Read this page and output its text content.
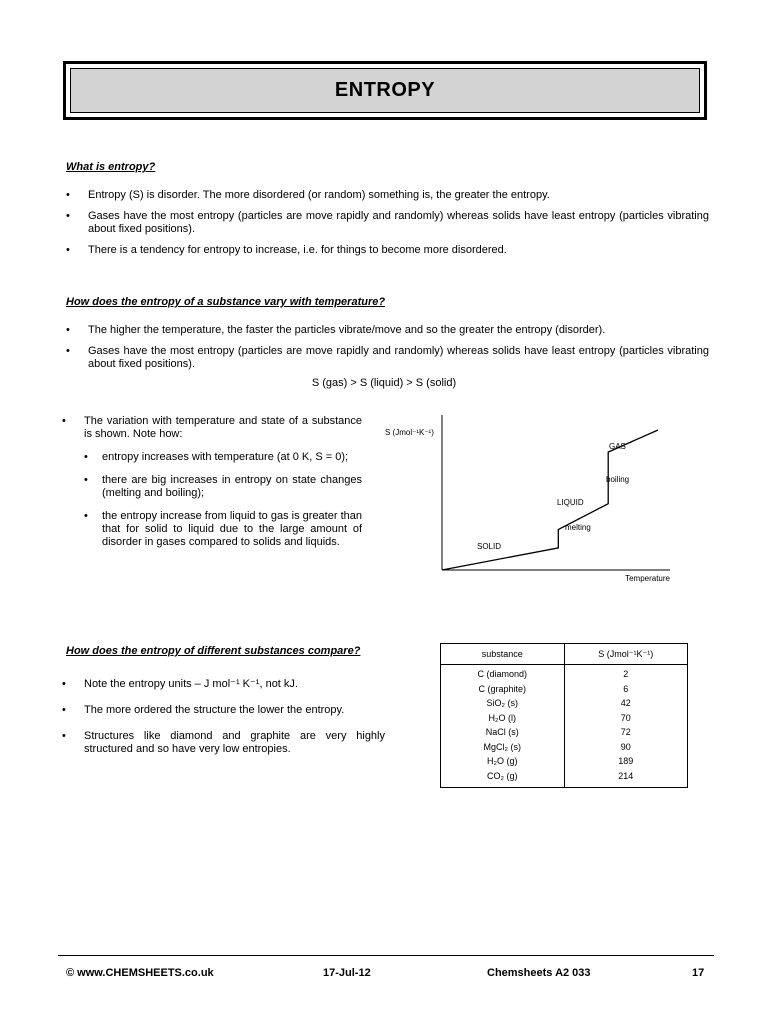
ENTROPY

What is entropy?

• Entropy (S) is disorder. The more disordered (or random) something is, the greater the entropy.
• Gases have the most entropy (particles are move rapidly and randomly) whereas solids have least entropy (particles vibrating about fixed positions).
• There is a tendency for entropy to increase, i.e. for things to become more disordered.

How does the entropy of a substance vary with temperature?

• The higher the temperature, the faster the particles vibrate/move and so the greater the entropy (disorder).
• Gases have the most entropy (particles are move rapidly and randomly) whereas solids have least entropy (particles vibrating about fixed positions).
S (gas) > S (liquid) > S (solid)
• The variation with temperature and state of a substance is shown. Note how:
• entropy increases with temperature (at 0 K, S = 0);
• there are big increases in entropy on state changes (melting and boiling);
• the entropy increase from liquid to gas is greater than that for solid to liquid due to the large amount of disorder in gases compared to solids and liquids.
S (Jmol⁻¹K⁻¹)
Temperature
SOLID
LIQUID
GAS
melting
boiling

How does the entropy of different substances compare?

• Note the entropy units – J mol⁻¹ K⁻¹, not kJ.
• The more ordered the structure the lower the entropy.
• Structures like diamond and graphite are very highly structured and so have very low entropies.
substance	S (Jmol⁻¹K⁻¹)
C (diamond)	2
C (graphite)	6
SiO₂ (s)	42
H₂O (l)	70
NaCl (s)	72
MgCl₂ (s)	90
H₂O (g)	189
CO₂ (g)	214
© www.CHEMSHEETS.co.uk	17-Jul-12	Chemsheets A2 033	17
